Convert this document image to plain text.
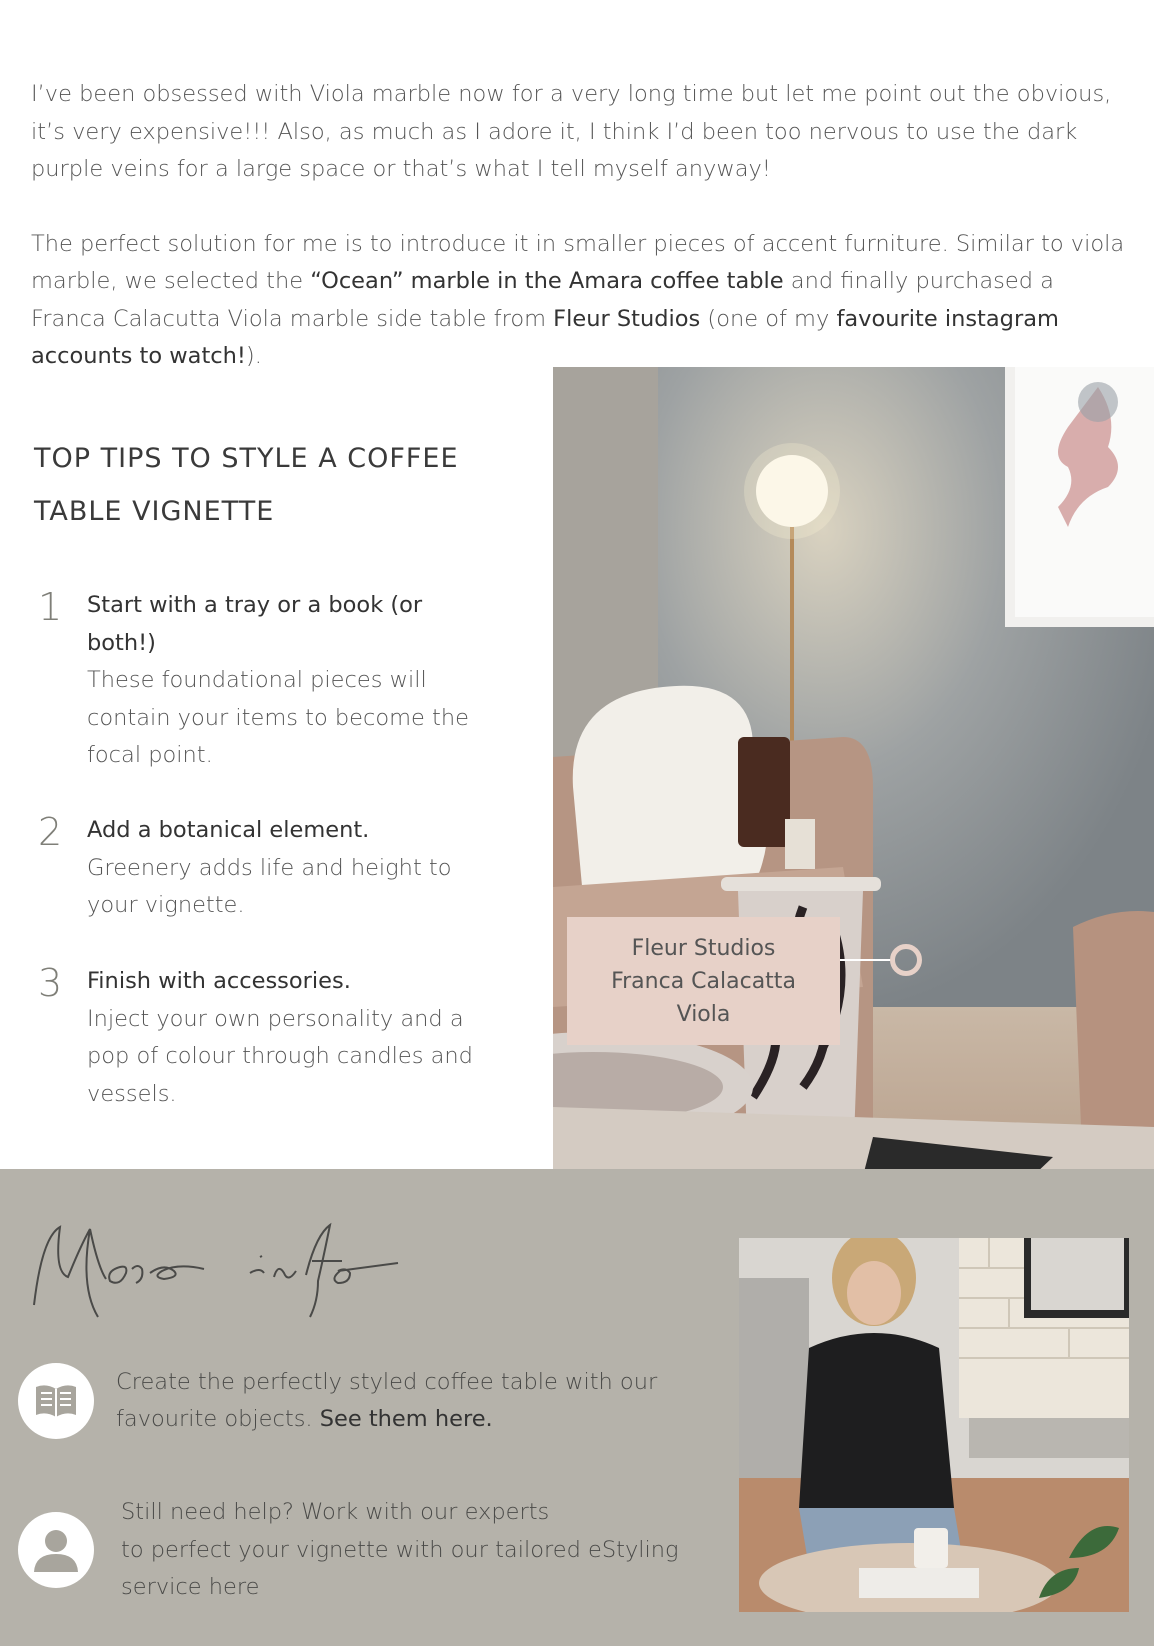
I’ve been obsessed with Viola marble now for a very long time but let me point out the obvious, it’s very expensive!!! Also, as much as I adore it, I think I’d been too nervous to use the dark purple veins for a large space or that’s what I tell myself anyway!

The perfect solution for me is to introduce it in smaller pieces of accent furniture. Similar to viola marble, we selected the “Ocean” marble in the Amara coffee table and finally purchased a Franca Calacutta Viola marble side table from Fleur Studios (one of my favourite instagram accounts to watch!).

TOP TIPS TO STYLE A COFFEE
TABLE VIGNETTE
1	Start with a tray or a book (or both!)
These foundational pieces will contain your items to become the focal point.
2	Add a botanical element.
Greenery adds life and height to your vignette.
3	Finish with accessories.
Inject your own personality and a pop of colour through candles and vessels.
Fleur Studios
Franca Calacatta
Viola
Create the perfectly styled coffee table with our favourite objects. See them here.
Still need help? Work with our experts
to perfect your vignette with our tailored eStyling
service here
